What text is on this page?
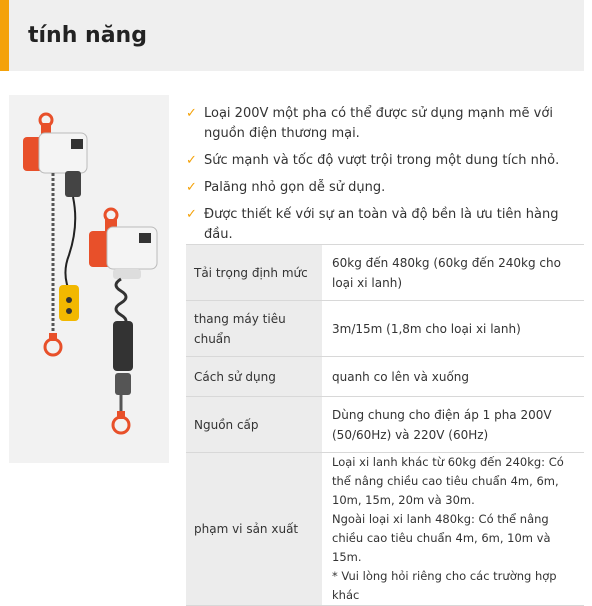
tính năng
✓ Loại 200V một pha có thể được sử dụng mạnh mẽ với nguồn điện thương mại.
✓ Sức mạnh và tốc độ vượt trội trong một dung tích nhỏ.
✓ Palăng nhỏ gọn dễ sử dụng.
✓ Được thiết kế với sự an toàn và độ bền là ưu tiên hàng đầu.
Tải trọng định mức	60kg đến 480kg (60kg đến 240kg cho loại xi lanh)
thang máy tiêu chuẩn	3m/15m (1,8m cho loại xi lanh)
Cách sử dụng	quanh co lên và xuống
Nguồn cấp	Dùng chung cho điện áp 1 pha 200V (50/60Hz) và 220V (60Hz)
phạm vi sản xuất	Loại xi lanh khác từ 60kg đến 240kg: Có thể nâng chiều cao tiêu chuẩn 4m, 6m, 10m, 15m, 20m và 30m.
Ngoài loại xi lanh 480kg: Có thể nâng chiều cao tiêu chuẩn 4m, 6m, 10m và 15m.
* Vui lòng hỏi riêng cho các trường hợp khác
